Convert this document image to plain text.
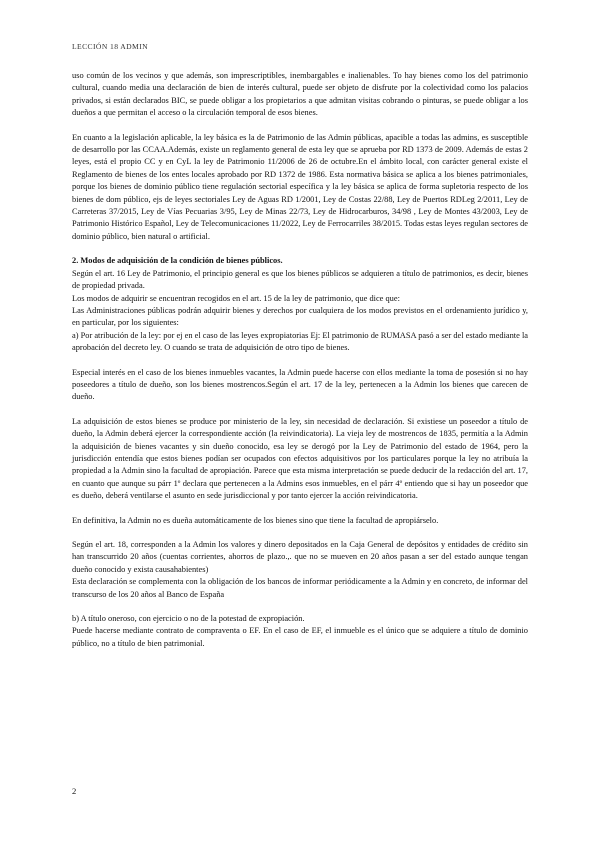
LECCIÓN 18 ADMIN

uso común de los vecinos y que además, son imprescriptibles, inembargables e inalienables. To hay bienes como los del patrimonio cultural, cuando media una declaración de bien de interés cultural, puede ser objeto de disfrute por la colectividad como los palacios privados, si están declarados BIC, se puede obligar a los propietarios a que admitan visitas cobrando o pinturas, se puede obligar a los dueños a que permitan el acceso o la circulación temporal de esos bienes.

En cuanto a la legislación aplicable, la ley básica es la de Patrimonio de las Admin públicas, apacible a todas las admins, es susceptible de desarrollo por las CCAA.Además, existe un reglamento general de esta ley que se aprueba por RD 1373 de 2009. Además de estas 2 leyes, está el propio CC y en CyL la ley de Patrimonio 11/2006 de 26 de octubre.En el ámbito local, con carácter general existe el Reglamento de bienes de los entes locales aprobado por RD 1372 de 1986. Esta normativa básica se aplica a los bienes patrimoniales, porque los bienes de dominio público tiene regulación sectorial específica y la ley básica se aplica de forma supletoria respecto de los bienes de dom público, ejs de leyes sectoriales Ley de Aguas RD 1/2001, Ley de Costas 22/88, Ley de Puertos RDLeg 2/2011, Ley de Carreteras 37/2015, Ley de Vías Pecuarias 3/95, Ley de Minas 22/73, Ley de Hidrocarburos, 34/98 , Ley de Montes 43/2003, Ley de Patrimonio Histórico Español, Ley de Telecomunicaciones 11/2022, Ley de Ferrocarriles 38/2015. Todas estas leyes regulan sectores de dominio público, bien natural o artificial.

2. Modos de adquisición de la condición de bienes públicos.

Según el art. 16 Ley de Patrimonio, el principio general es que los bienes públicos se adquieren a título de patrimonios, es decir, bienes de propiedad privada.

Los modos de adquirir se encuentran recogidos en el art. 15 de la ley de patrimonio, que dice que:

Las Administraciones públicas podrán adquirir bienes y derechos por cualquiera de los modos previstos en el ordenamiento jurídico y, en particular, por los siguientes:

a) Por atribución de la ley: por ej en el caso de las leyes expropiatorias Ej: El patrimonio de RUMASA pasó a ser del estado mediante la aprobación del decreto ley. O cuando se trata de adquisición de otro tipo de bienes.

Especial interés en el caso de los bienes inmuebles vacantes, la Admin puede hacerse con ellos mediante la toma de posesión si no hay poseedores a título de dueño, son los bienes mostrencos.Según el art. 17 de la ley, pertenecen a la Admin los bienes que carecen de dueño.

La adquisición de estos bienes se produce por ministerio de la ley, sin necesidad de declaración. Si existiese un poseedor a título de dueño, la Admin deberá ejercer la correspondiente acción (la reivindicatoria). La vieja ley de mostrencos de 1835, permitía a la Admin la adquisición de bienes vacantes y sin dueño conocido, esa ley se derogó por la Ley de Patrimonio del estado de 1964, pero la jurisdicción entendía que estos bienes podían ser ocupados con efectos adquisitivos por los particulares porque la ley no atribuía la propiedad a la Admin sino la facultad de apropiación. Parece que esta misma interpretación se puede deducir de la redacción del art. 17, en cuanto que aunque su párr 1º declara que pertenecen a la Admins esos inmuebles, en el párr 4º entiendo que si hay un poseedor que es dueño, deberá ventilarse el asunto en sede jurisdiccional y por tanto ejercer la acción reivindicatoria.

En definitiva, la Admin no es dueña automáticamente de los bienes sino que tiene la facultad de apropiárselo.

Según el art. 18, corresponden a la Admin los valores y dinero depositados en la Caja General de depósitos y entidades de crédito sin han transcurrido 20 años (cuentas corrientes, ahorros de plazo.,. que no se mueven en 20 años pasan a ser del estado aunque tengan dueño conocido y exista causahabientes)

Esta declaración se complementa con la obligación de los bancos de informar periódicamente a la Admin y en concreto, de informar del transcurso de los 20 años al Banco de España

b) A título oneroso, con ejercicio o no de la potestad de expropiación.

Puede hacerse mediante contrato de compraventa o EF. En el caso de EF, el inmueble es el único que se adquiere a título de dominio público, no a título de bien patrimonial.

2
